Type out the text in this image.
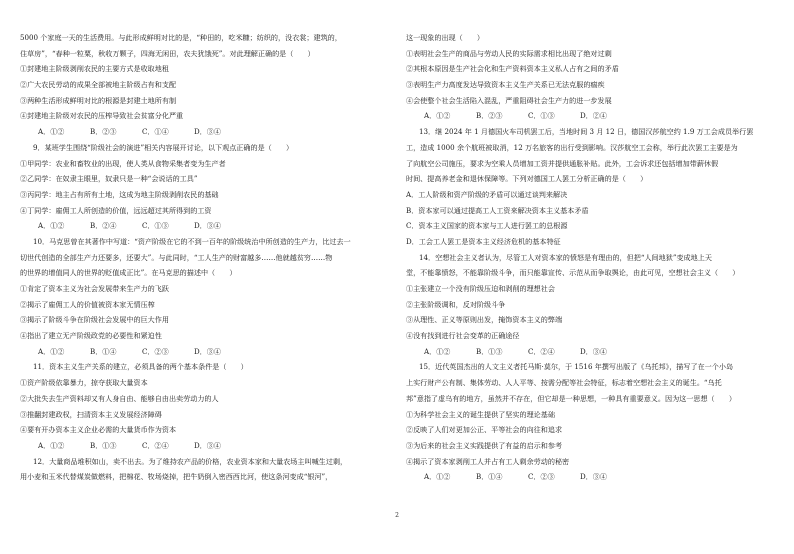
5000 个家庭一天的生活费用。与此形成鲜明对比的是，“种田的，吃米糠；纺织的，没衣裳；建筑的，
住草房”，“春种一粒粟，秋收万颗子，四海无闲田，农夫犹饿死”。对此理解正确的是（　　）
①封建地主阶级剥削农民的主要方式是收取地租
②广大农民劳动的成果全部被地主阶级占有和支配
③两种生活形成鲜明对比的根源是封建土地所有制
④封建地主阶级对农民的压榨导致社会贫富分化严重
A．①②	B．②③	C．①④	D．③④
9．某班学生围绕“阶级社会的演进”相关内容展开讨论，以下观点正确的是（　　）
①甲同学：农业和畜牧业的出现，使人类从食物采集者变为生产者
②乙同学：在奴隶主眼里，奴隶只是一种“会说话的工具”
③丙同学：地主占有所有土地，这成为地主阶级剥削农民的基础
④丁同学：雇佣工人所创造的价值，远远超过其所得到的工资
A．①②	B．②④	C．①③	D．③④
10．马克思曾在其著作中写道：“资产阶级在它的不到一百年的阶级统治中所创造的生产力，比过去一
切世代创造的全部生产力还要多，还要大”。与此同时，“工人生产的财富越多……他就越贫穷……物
的世界的增值同人的世界的贬值成正比”。在马克思的描述中（　　）
①肯定了资本主义为社会发展带来生产力的飞跃
②揭示了雇佣工人的价值被资本家无情压榨
③揭示了阶级斗争在阶级社会发展中的巨大作用
④指出了建立无产阶级政党的必要性和紧迫性
A．①②	B．①④	C．②③	D．③④
11．资本主义生产关系的建立，必须具备的两个基本条件是（　　）
①资产阶级依靠暴力，掠夺获取大量资本
②大批失去生产资料却又有人身自由、能够自由出卖劳动力的人
③推翻封建政权，扫清资本主义发展经济障碍
④要有开办资本主义企业必需的大量货币作为资本
A．①②	B．①③	C．②④	D．③④
12．大量商品堆积如山，卖不出去。为了维持农产品的价格，农业资本家和大量农场主叫喊生过剩，
用小麦和玉米代替煤炭做燃料，把棉花、牧场烧掉，把牛奶倒入密西西比河，使这条河变成“银河”，
这一现象的出现（　　）
①表明社会生产的商品与劳动人民的实际需求相比出现了绝对过剩
②其根本原因是生产社会化和生产资料资本主义私人占有之间的矛盾
③表明生产力高度发达导致资本主义生产关系已无法克服的痼疾
④会使整个社会生活陷入混乱，严重阻碍社会生产力的进一步发展
A．①②	B．②③	C．①③	D．②④
13．继 2024 年 1 月德国火车司机罢工后，当地时间 3 月 12 日，德国汉莎航空约 1.9 万工会成员举行罢
工，造成 1000 余个航班被取消，12 万名旅客的出行受到影响。汉莎航空工会称，举行此次罢工主要是为
了向航空公司施压，要求为空乘人员增加工资并提供通胀补贴。此外，工会诉求还包括增加带薪休假
时间、提高养老金和退休保障等。下列对德国工人罢工分析正确的是（　　）
A．工人阶级和资产阶级的矛盾可以通过谈判来解决
B．资本家可以通过提高工人工资来解决资本主义基本矛盾
C．资本主义国家的资本家与工人进行罢工的总根源
D．工会工人罢工是资本主义经济危机的基本特征
14．空想社会主义者认为，尽管工人对资本家的愤怒是有理由的，但把“人间地狱”变成地上天
堂，不能靠愤怒，不能靠阶级斗争，而只能靠宣传、示范从而争取舆论，由此可见，空想社会主义（　　）
①主张建立一个没有阶级压迫和剥削的理想社会
②主张阶级调和，反对阶级斗争
③从理性、正义等原则出发，掩饰资本主义的弊端
④没有找到进行社会变革的正确途径
A．①②	B．①③	C．②④	D．③④
15．近代英国杰出的人文主义者托马斯·莫尔，于 1516 年撰写出版了《乌托邦》，描写了在一个小岛
上实行财产公有制、集体劳动、人人平等、按需分配等社会特征，标志着空想社会主义的诞生。“乌托
邦”意指了虚乌有的地方，虽然并不存在，但它却是一种思想，一种具有重要意义。因为这一思想（　　）
①为科学社会主义的诞生提供了坚实的理论基础
②反映了人们对更加公正、平等社会的向往和追求
③为后来的社会主义实践提供了有益的启示和参考
④揭示了资本家剥削工人并占有工人剩余劳动的秘密
A．①②	B．①④	C．②③	D．③④
2
